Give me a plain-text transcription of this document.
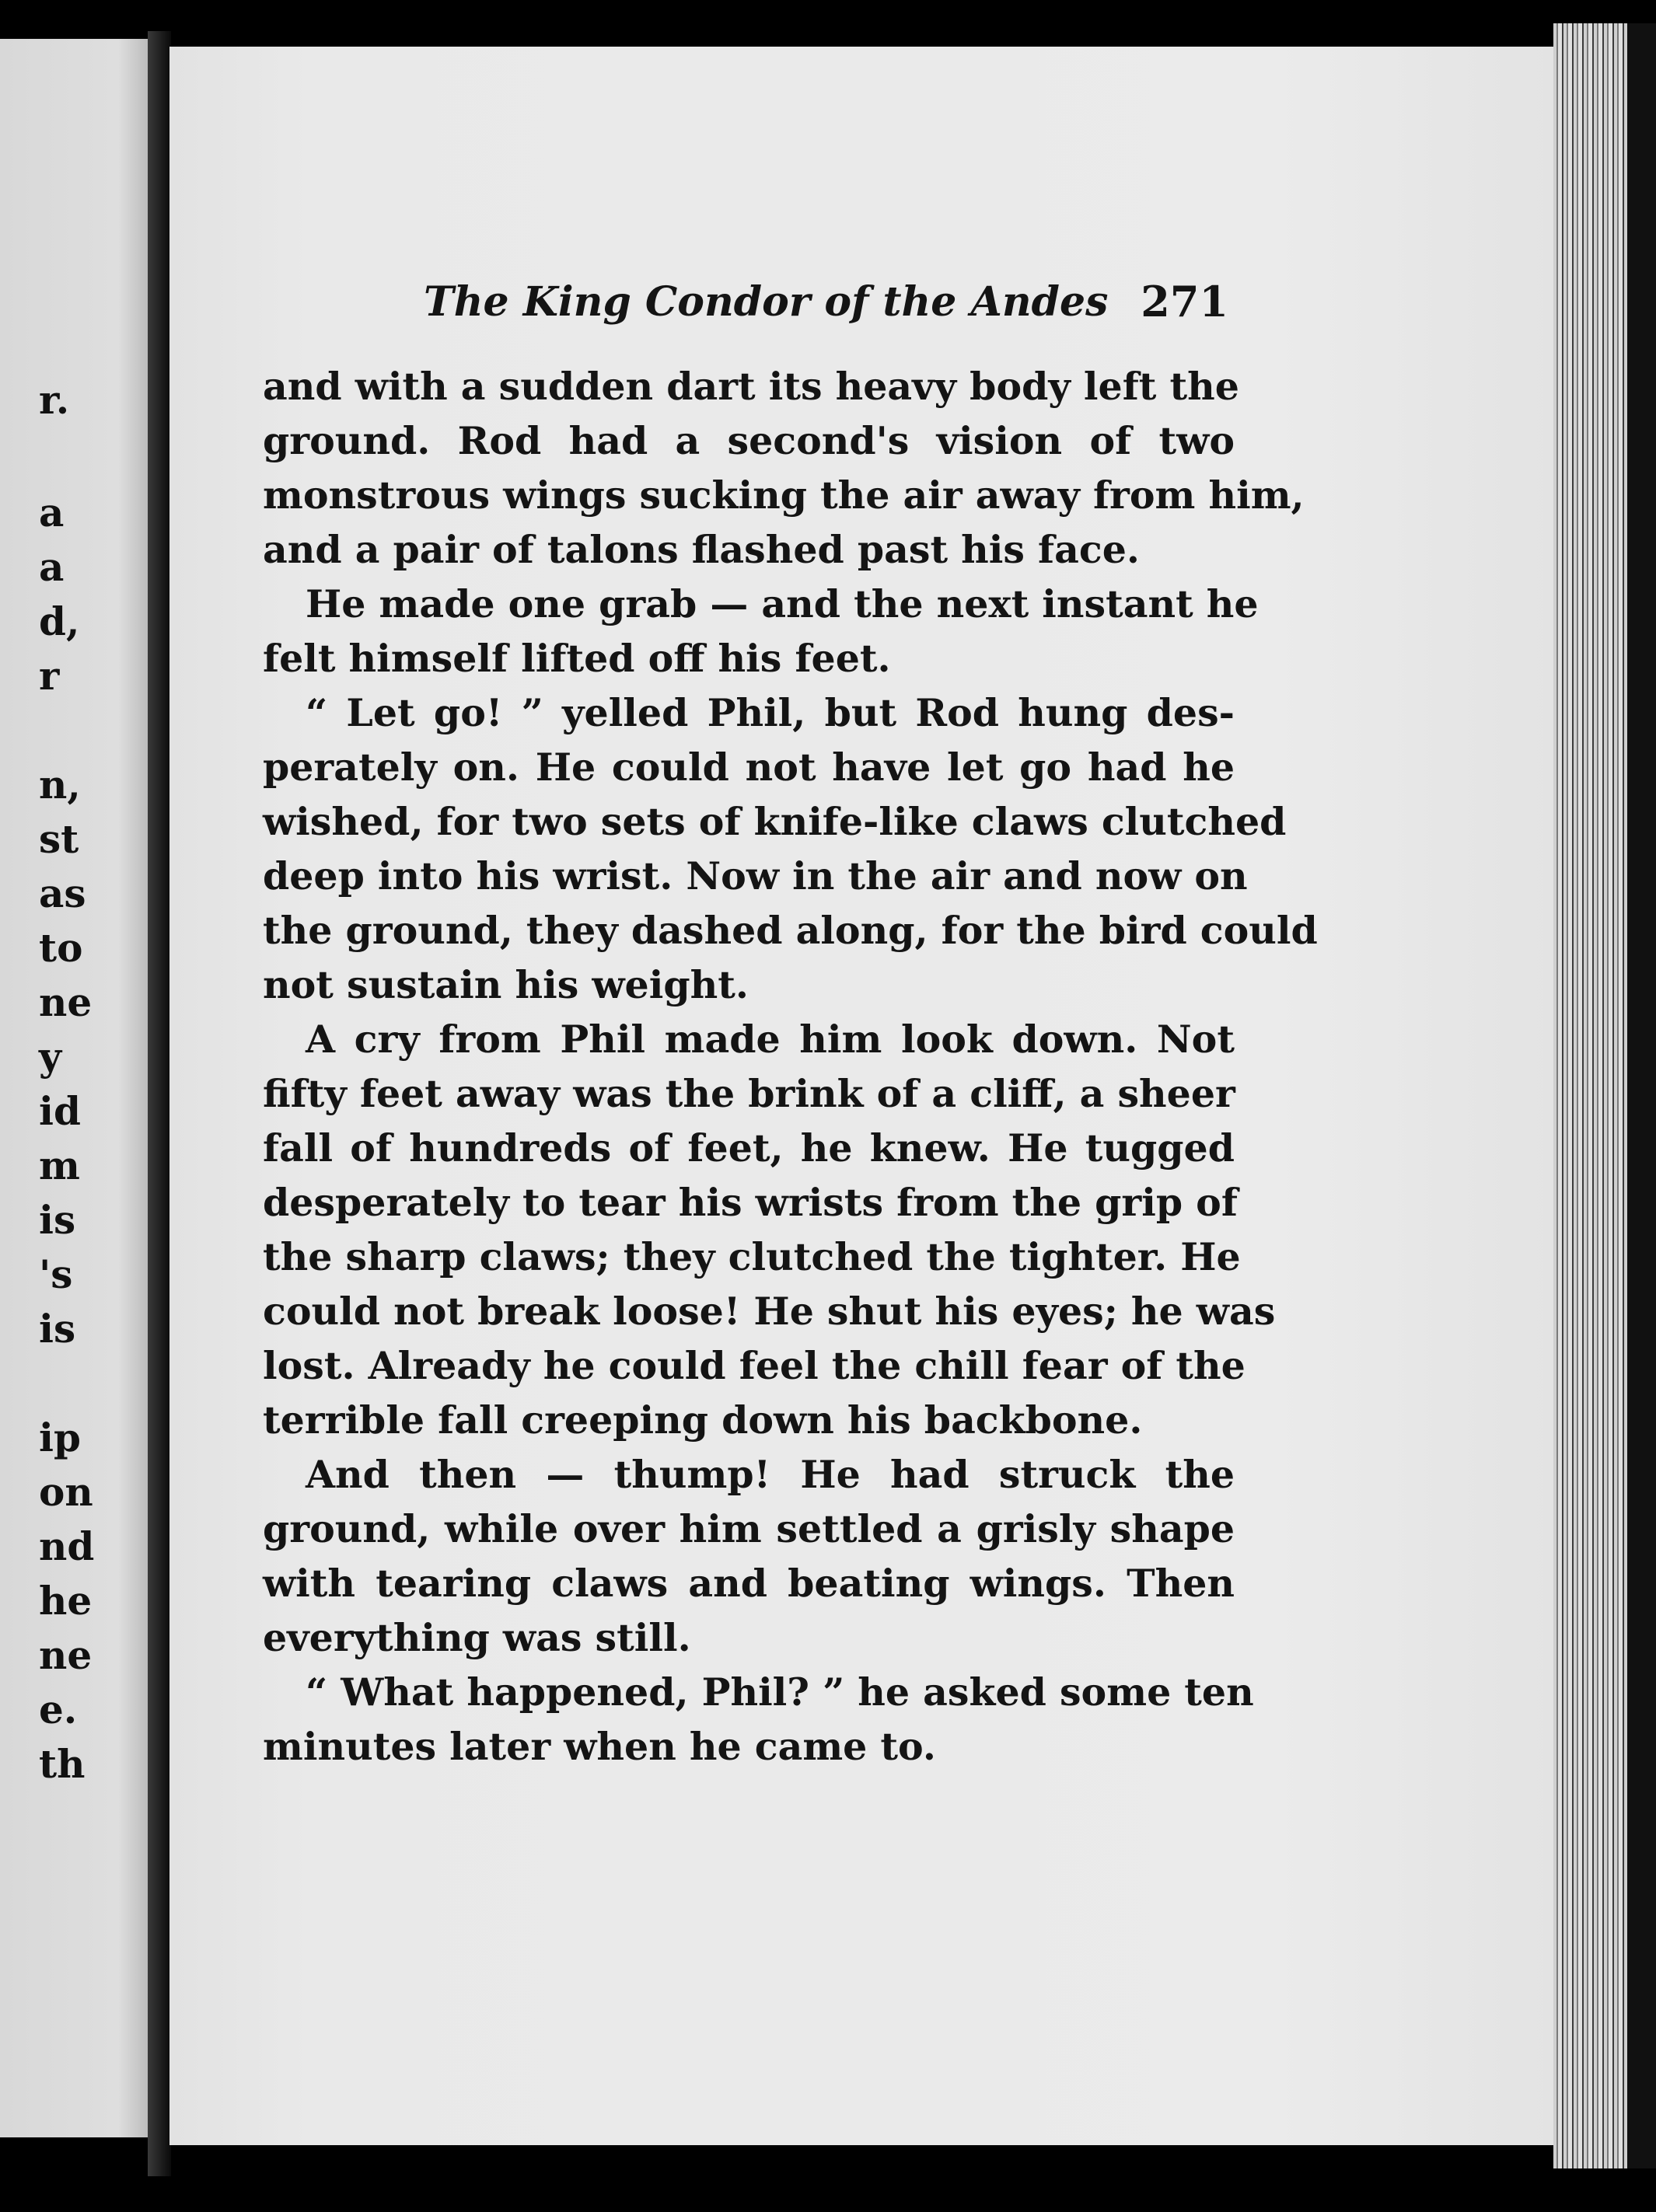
r.
a
a
d,
r
n,
st
as
to
ne
y
id
m
is
's
is
ip
on
nd
he
ne
e.
th
The King Condor of the Andes 271
and with a sudden dart its heavy body left the
ground. Rod had a second's vision of two
monstrous wings sucking the air away from him,
and a pair of talons flashed past his face.
He made one grab — and the next instant he
felt himself lifted off his feet.
“ Let go! ” yelled Phil, but Rod hung des-
perately on. He could not have let go had he
wished, for two sets of knife-like claws clutched
deep into his wrist. Now in the air and now on
the ground, they dashed along, for the bird could
not sustain his weight.
A cry from Phil made him look down. Not
fifty feet away was the brink of a cliff, a sheer
fall of hundreds of feet, he knew. He tugged
desperately to tear his wrists from the grip of
the sharp claws; they clutched the tighter. He
could not break loose! He shut his eyes; he was
lost. Already he could feel the chill fear of the
terrible fall creeping down his backbone.
And then — thump! He had struck the
ground, while over him settled a grisly shape
with tearing claws and beating wings. Then
everything was still.
“ What happened, Phil? ” he asked some ten
minutes later when he came to.
